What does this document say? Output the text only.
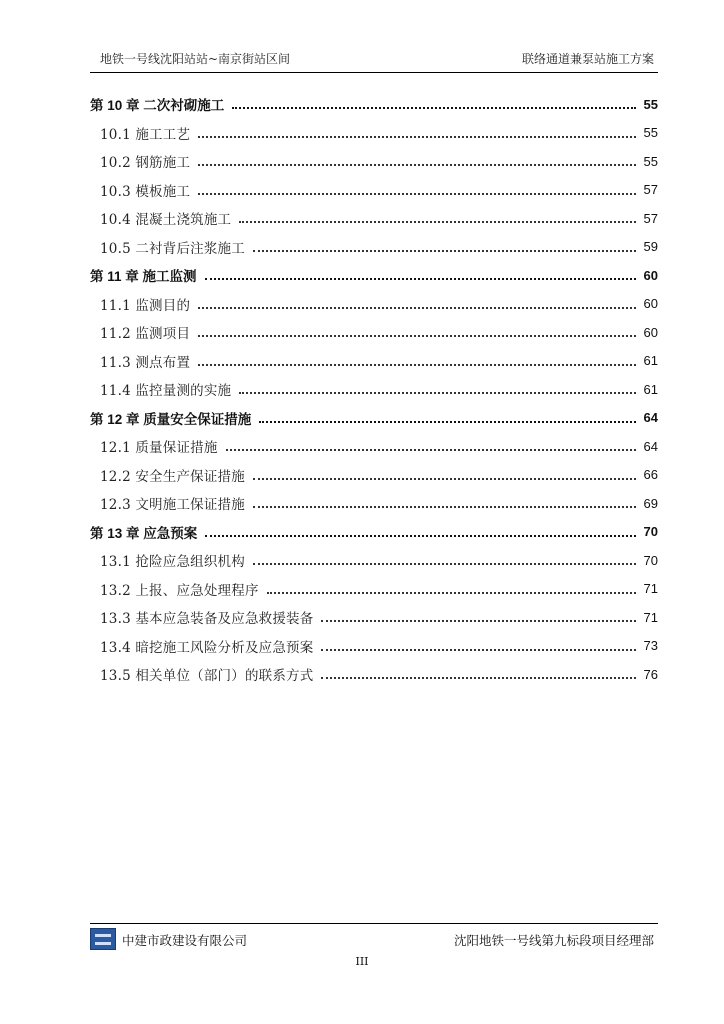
地铁一号线沈阳站站~南京街站区间	联络通道兼泵站施工方案
第 10 章 二次衬砌施工	55
10.1 施工工艺	55
10.2 钢筋施工	55
10.3 模板施工	57
10.4 混凝土浇筑施工	57
10.5 二衬背后注浆施工	59
第 11 章 施工监测	60
11.1 监测目的	60
11.2 监测项目	60
11.3 测点布置	61
11.4 监控量测的实施	61
第 12 章 质量安全保证措施	64
12.1 质量保证措施	64
12.2 安全生产保证措施	66
12.3 文明施工保证措施	69
第 13 章 应急预案	70
13.1 抢险应急组织机构	70
13.2 上报、应急处理程序	71
13.3 基本应急装备及应急救援装备	71
13.4 暗挖施工风险分析及应急预案	73
13.5 相关单位（部门）的联系方式	76
中建市政建设有限公司	沈阳地铁一号线第九标段项目经理部
III
